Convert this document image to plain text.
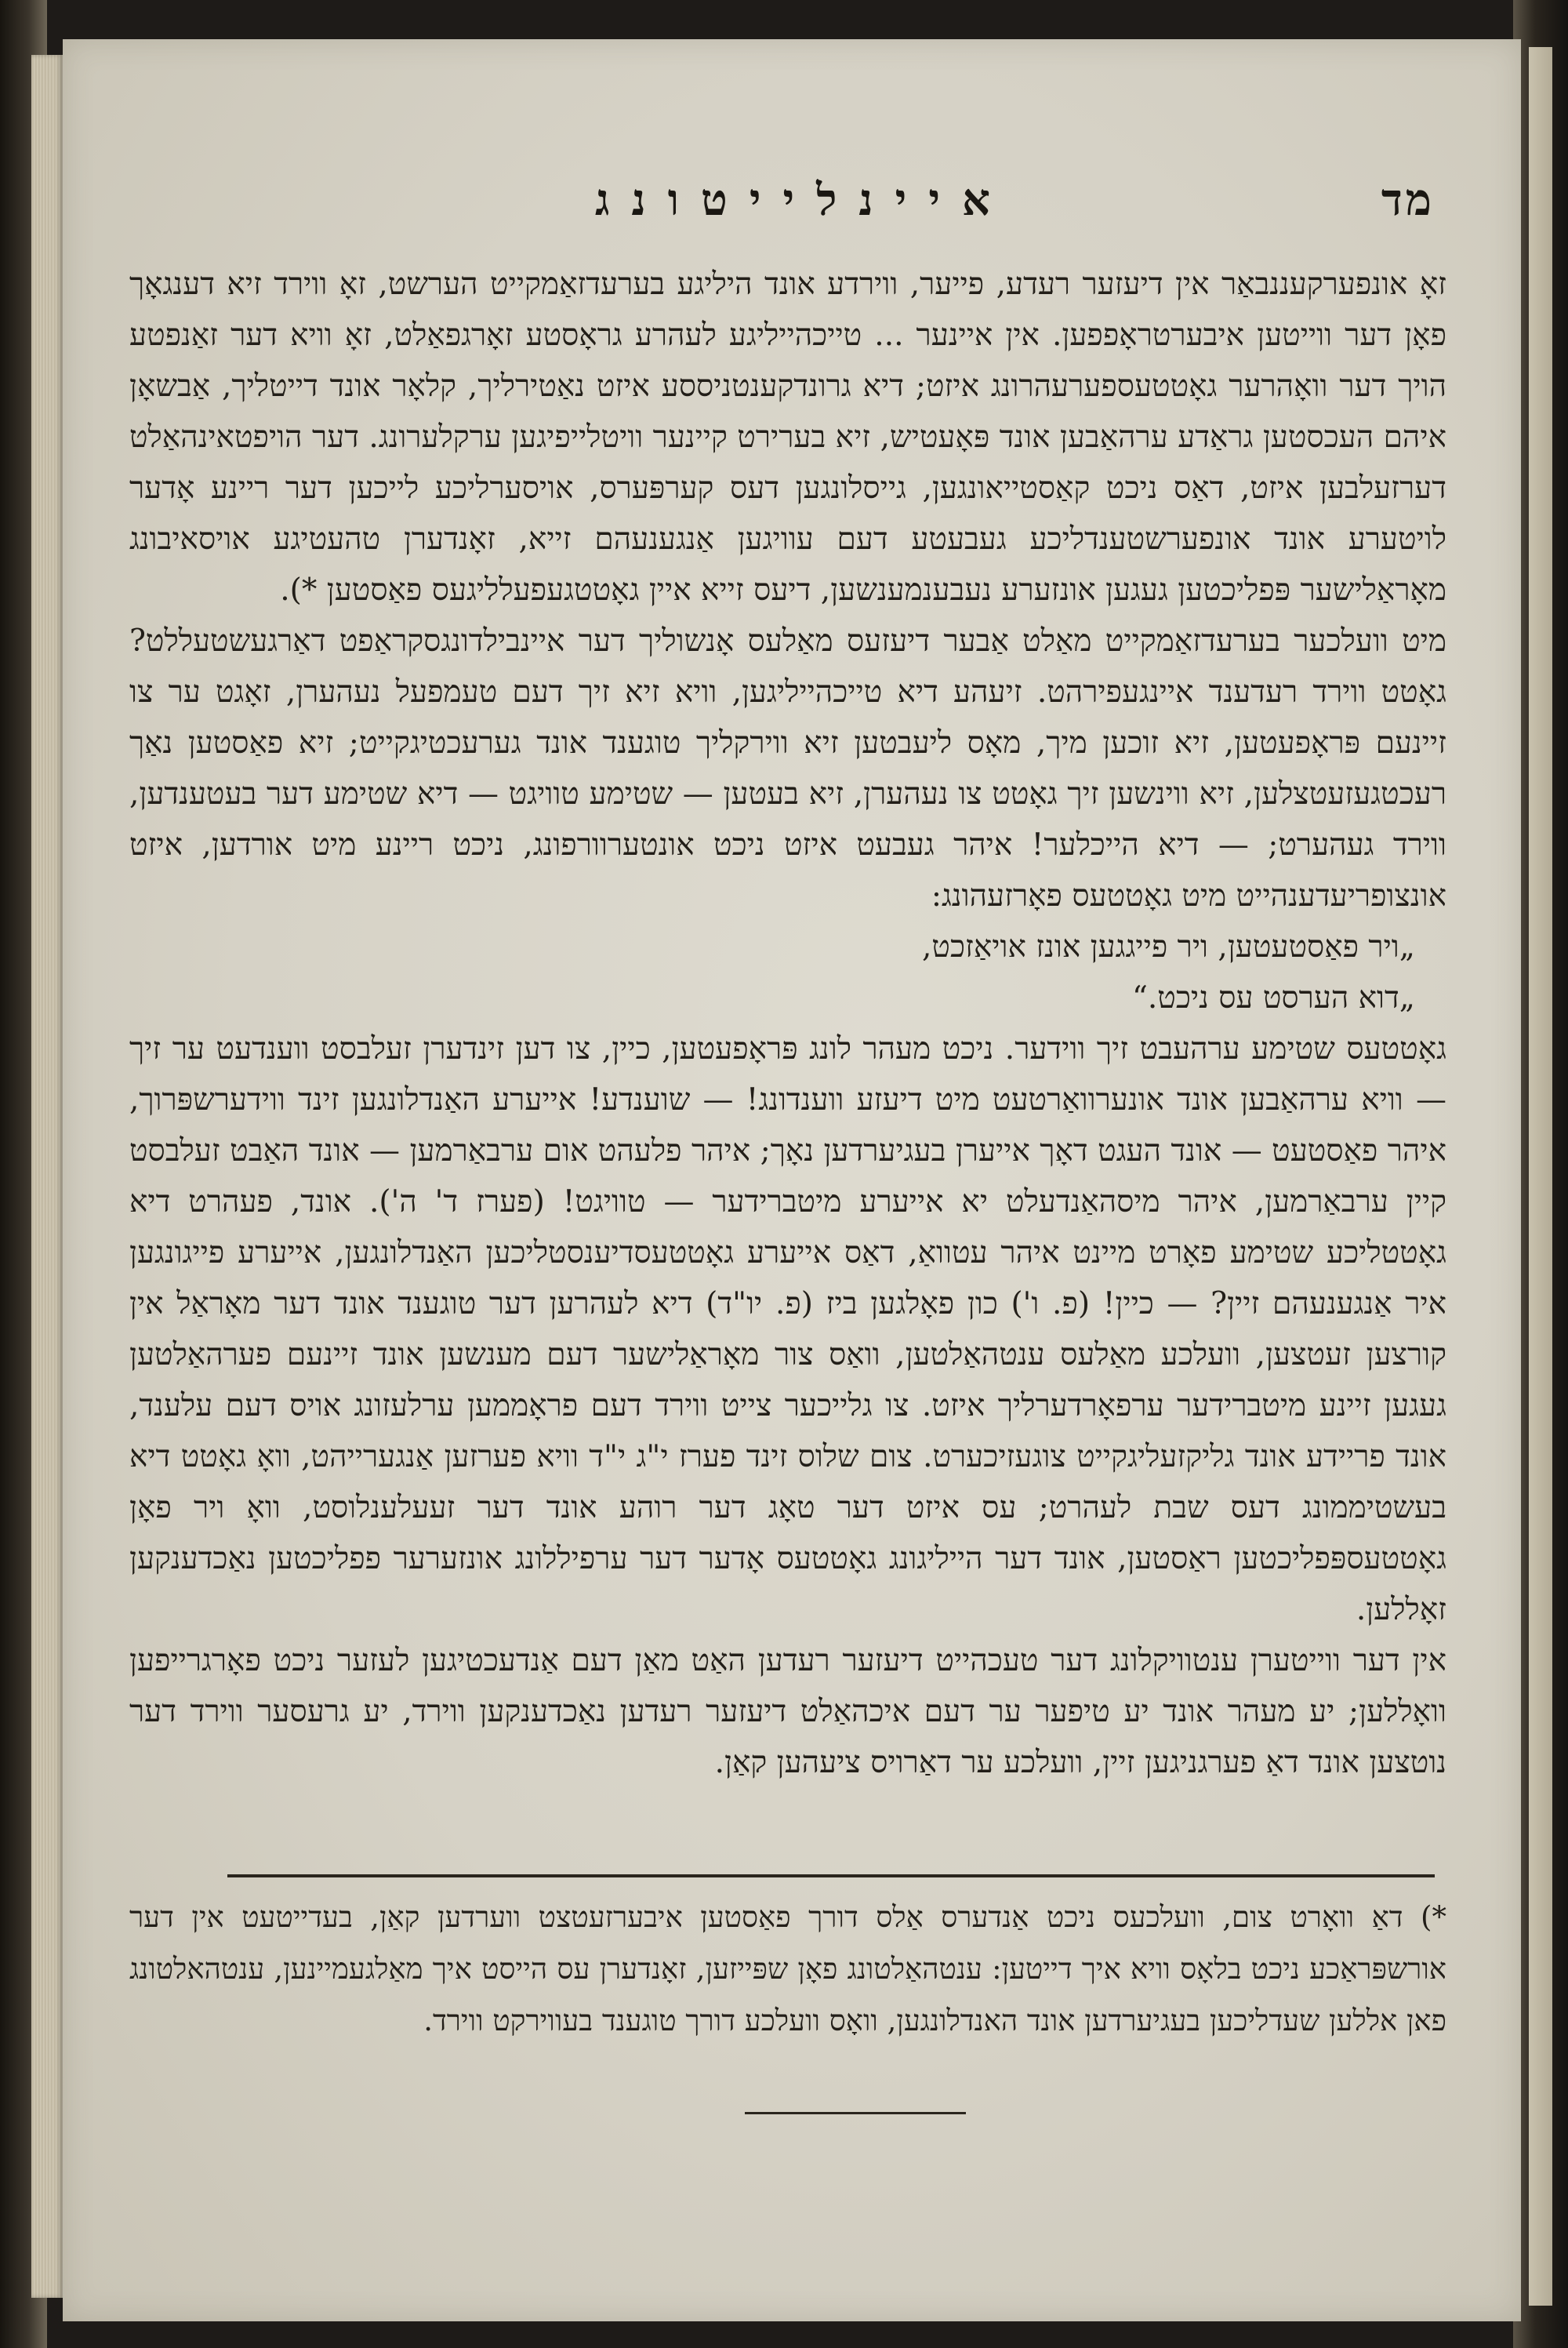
מד
איינלייטונג

זאָ אונפערקעננבאַר אין דיעזער רעדע, פייער, ווירדע אונד היליגע בערעדזאַמקייט הערשט, זאָ ווירד זיא דענגאָך פאָן דער ווייטען איבערטראָפפען. אין איינער ... טייכהייליגע לעהרע גראָסטע זאָרגפאַלט, זאָ וויא דער זאַנפטע הויך דער וואָהרער גאָטטעספערעהרונג איזט; דיא גרונדקענטניססע איזט נאַטירליך, קלאָר אונד דייטליך, אַבשאָן איהם העכסטען גראַדע ערהאַבען אונד פּאָעטיש, זיא בערירט קיינער וויטלייפיגען ערקלערונג. דער הויפטאינהאַלט דערזעלבען איזט, דאַס ניכט קאַסטייאונגען, גייסלונגען דעס קערפּערס, אויסערליכע לייכען דער ריינע אָדער לויטערע אונד אונפערשטענדליכע געבעטע דעם עוויגען אַנגענעהם זייא, זאָנדערן טהעטיגע אויסאיבונג מאָראַלישער פּפליכטען געגען אונזערע נעבענמענשען, דיעס זייא איין גאָטטגעפעלליגעס פאַסטען *).

מיט וועלכער בערעדזאַמקייט מאַלט אַבער דיעזעס מאַלעס אָנשוליך דער איינבילדונגסקראַפט דאַרגעשטעללט? גאָטט ווירד רעדענד איינגעפירהט. זיעהע דיא טייכהייליגען, וויא זיא זיך דעם טעמפעל נעהערן, זאָגט ער צו זיינעם פּראָפעטען, זיא זוכען מיך, מאָס ליעבטען זיא ווירקליך טוגענד אונד גערעכטיגקייט; זיא פאַסטען נאַך רעכטגעזעטצלען, זיא ווינשען זיך גאָטט צו נעהערן, זיא בעטען — שטימע טוויגט — דיא שטימע דער בעטענדען, ווירד געהערט; — דיא הייכלער! איהר געבעט איזט ניכט אונטערוורפונג, ניכט ריינע מיט אורדען, איזט אונצופריעדענהייט מיט גאָטטעס פאָרזעהונג:

„ויר פאַסטעטען, ויר פייגגען אונז אויאַזכט,
„דוא הערסט עס ניכט.“

גאָטטעס שטימע ערהעבט זיך ווידער. ניכט מעהר לונג פּראָפעטען, כיין, צו דען זינדערן זעלבסט ווענדעט ער זיך — וויא ערהאַבען אונד אונערוואַרטעט מיט דיעזע ווענדונג! — שוענדע! אייערע האַנדלונגען זינד ווידערשפּרוך, איהר פאַסטעט — אונד העגט דאָך אייערן בעגיערדען נאָך; איהר פלעהט אום ערבאַרמען — אונד האַבט זעלבסט קיין ערבאַרמען, איהר מיסהאַנדעלט יא אייערע מיטברידער — טוויגט! (פערז ד' ה'). אונד, פעהרט דיא גאָטטליכע שטימע פאָרט מיינט איהר עטוואַ, דאַס אייערע גאָטטעסדיענסטליכען האַנדלונגען, אייערע פייגונגען איר אַנגענעהם זיין? — כיין! (פ. ו') כון פאָלגען ביז (פ. יו"ד) דיא לעהרען דער טוגענד אונד דער מאָראַל אין קורצען זעטצען, וועלכע מאַלעס ענטהאַלטען, וואַס צור מאָראַלישער דעם מענשען אונד זיינעם פערהאַלטען געגען זיינע מיטברידער ערפאָרדערליך איזט. צו גלייכער צייט ווירד דעם פראָממען ערלעזונג אויס דעם עלענד, אונד פריידע אונד גליקזעליגקייט צוגעזיכערט. צום שלוס זינד פערז י"ג י"ד וויא פערזען אַנגערייהט, וואָ גאָטט דיא בעשטיממונג דעס שבת לעהרט; עס איזט דער טאָג דער רוהע אונד דער זעעלענלוסט, וואָ ויר פאָן גאָטטעספּפליכטען ראַסטען, אונד דער הייליגונג גאָטטעס אָדער דער ערפיללונג אונזערער פפליכטען נאַכדענקען זאָללען.

אין דער ווייטערן ענטוויקלונג דער טעכהייט דיעזער רעדען האַט מאַן דעם אַנדעכטיגען לעזער ניכט פאָרגרייפען וואָללען; יע מעהר אונד יע טיפער ער דעם איכהאַלט דיעזער רעדען נאַכדענקען ווירד, יע גרעסער ווירד דער נוטצען אונד דאַ פערגניגען זיין, וועלכע ער דאַרויס ציעהען קאַן.

*) דאַ וואָרט צום, וועלכעס ניכט אַנדערס אַלס דורך פאַסטען איבערזעטצט ווערדען קאַן, בעדייטעט אין דער אורשפּראַכע ניכט בלאָס וויא איך דייטען: ענטהאַלטונג פאָן שפּייזען, זאָנדערן עס הייסט איך מאַלגעמיינען, ענטהאלטונג פאן אללען שעדליכען בעגיערדען אונד האנדלונגען, וואָס וועלכע דורך טוגענד בעווירקט ווירד.
